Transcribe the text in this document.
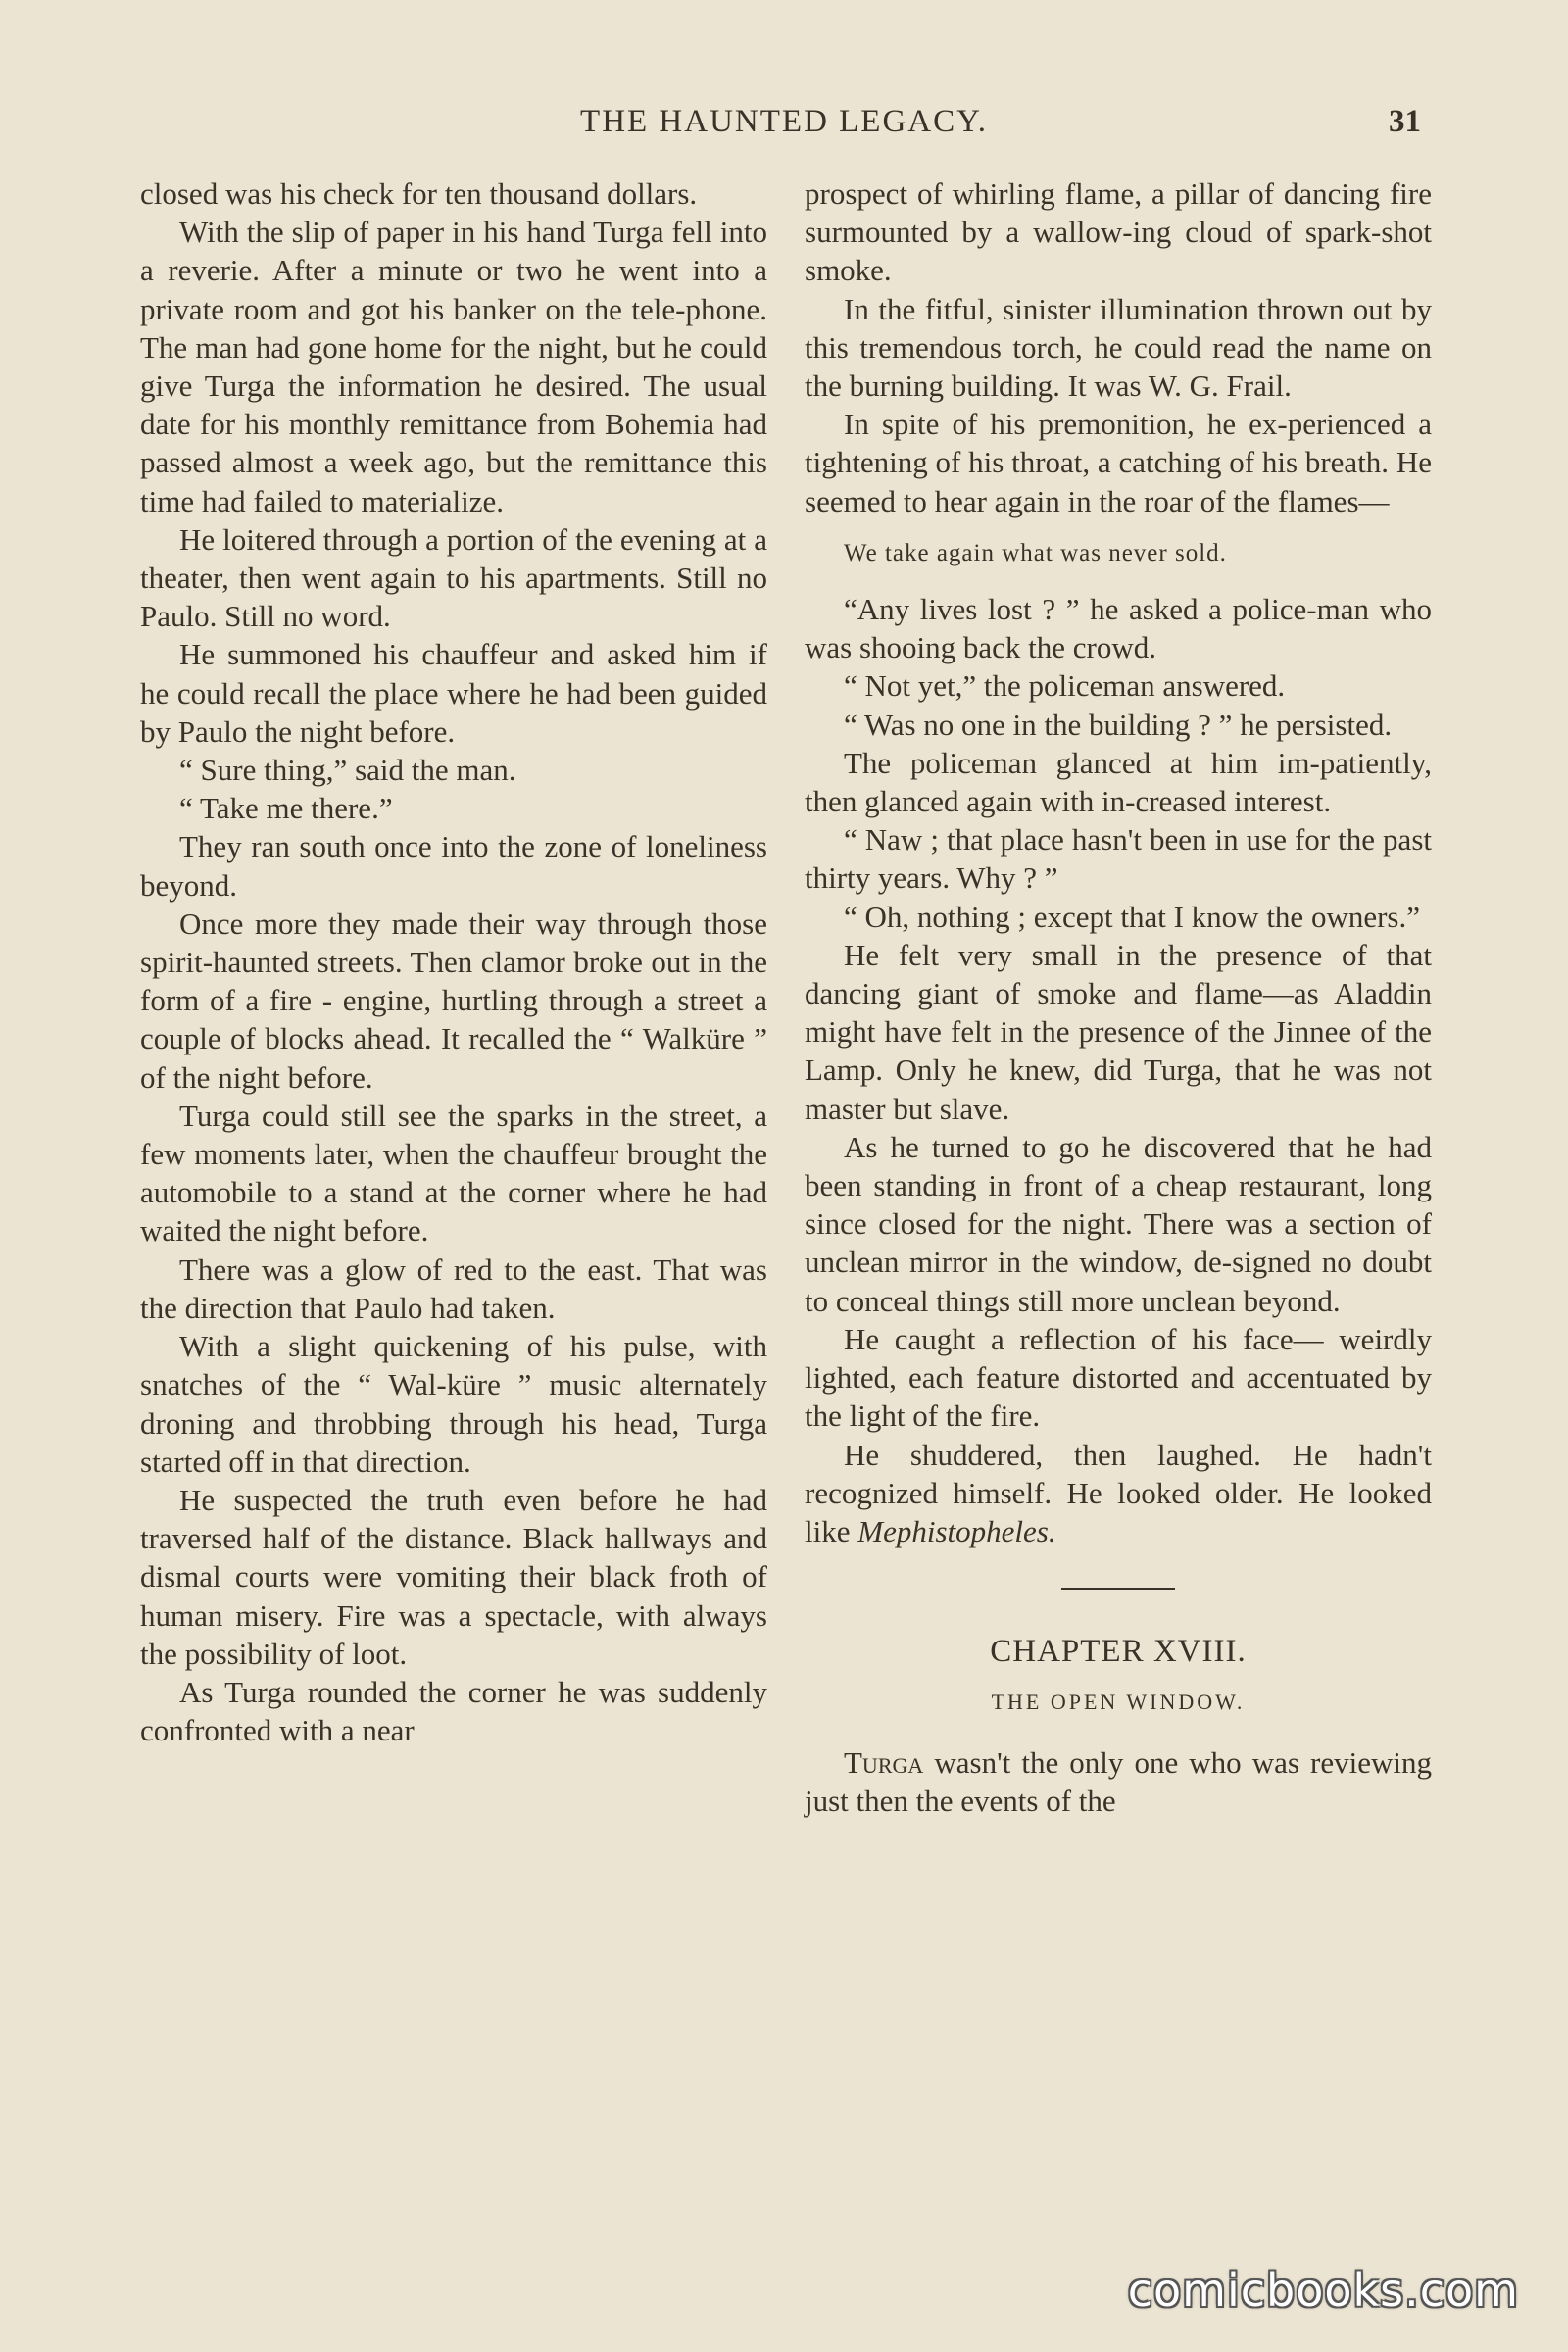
THE HAUNTED LEGACY.	31

closed was his check for ten thousand dollars.

With the slip of paper in his hand Turga fell into a reverie. After a minute or two he went into a private room and got his banker on the tele-phone. The man had gone home for the night, but he could give Turga the information he desired. The usual date for his monthly remittance from Bohemia had passed almost a week ago, but the remittance this time had failed to materialize.

He loitered through a portion of the evening at a theater, then went again to his apartments. Still no Paulo. Still no word.

He summoned his chauffeur and asked him if he could recall the place where he had been guided by Paulo the night before.

“ Sure thing,” said the man.

“ Take me there.”

They ran south once into the zone of loneliness beyond.

Once more they made their way through those spirit-haunted streets. Then clamor broke out in the form of a fire - engine, hurtling through a street a couple of blocks ahead. It recalled the “ Walküre ” of the night before.

Turga could still see the sparks in the street, a few moments later, when the chauffeur brought the automobile to a stand at the corner where he had waited the night before.

There was a glow of red to the east. That was the direction that Paulo had taken.

With a slight quickening of his pulse, with snatches of the “ Wal-küre ” music alternately droning and throbbing through his head, Turga started off in that direction.

He suspected the truth even before he had traversed half of the distance. Black hallways and dismal courts were vomiting their black froth of human misery. Fire was a spectacle, with always the possibility of loot.

As Turga rounded the corner he was suddenly confronted with a near

prospect of whirling flame, a pillar of dancing fire surmounted by a wallow-ing cloud of spark-shot smoke.

In the fitful, sinister illumination thrown out by this tremendous torch, he could read the name on the burning building. It was W. G. Frail.

In spite of his premonition, he ex-perienced a tightening of his throat, a catching of his breath. He seemed to hear again in the roar of the flames—

We take again what was never sold.

“Any lives lost ? ” he asked a police-man who was shooing back the crowd.

“ Not yet,” the policeman answered.

“ Was no one in the building ? ” he persisted.

The policeman glanced at him im-patiently, then glanced again with in-creased interest.

“ Naw ; that place hasn't been in use for the past thirty years. Why ? ”

“ Oh, nothing ; except that I know the owners.”

He felt very small in the presence of that dancing giant of smoke and flame—as Aladdin might have felt in the presence of the Jinnee of the Lamp. Only he knew, did Turga, that he was not master but slave.

As he turned to go he discovered that he had been standing in front of a cheap restaurant, long since closed for the night. There was a section of unclean mirror in the window, de-signed no doubt to conceal things still more unclean beyond.

He caught a reflection of his face— weirdly lighted, each feature distorted and accentuated by the light of the fire.

He shuddered, then laughed. He hadn't recognized himself. He looked older. He looked like Mephistopheles.

CHAPTER XVIII.

THE OPEN WINDOW.

Turga wasn't the only one who was reviewing just then the events of the

comicbooks.com
